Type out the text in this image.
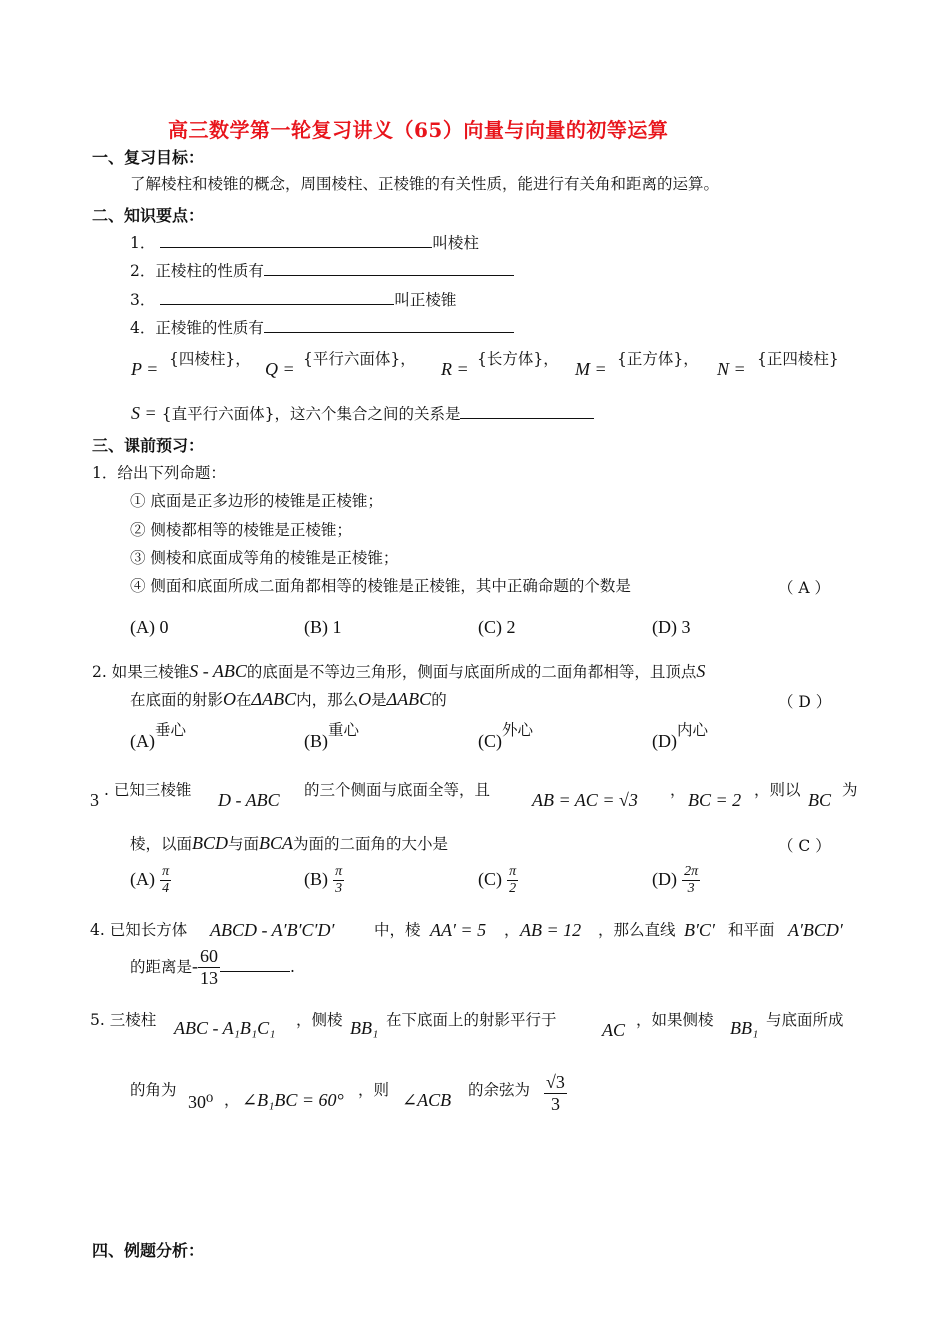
高三数学第一轮复习讲义（65）向量与向量的初等运算
一、复习目标：
了解棱柱和棱锥的概念，周围棱柱、正棱锥的有关性质，能进行有关角和距离的运算。
二、知识要点：
1．	叫棱柱
2．正棱柱的性质有
3．	叫正棱锥
4．正棱锥的性质有
P = {四棱柱}， Q = {平行六面体}， R = {长方体}， M = {正方体}， N = {正四棱柱}
S = {直平行六面体}，这六个集合之间的关系是
三、课前预习：
1．给出下列命题：
① 底面是正多边形的棱锥是正棱锥；
② 侧棱都相等的棱锥是正棱锥；
③ 侧棱和底面成等角的棱锥是正棱锥；
④ 侧面和底面所成二面角都相等的棱锥是正棱锥，其中正确命题的个数是	（ A ）
(A) 0	(B) 1	(C) 2	(D) 3
2. 如果三棱锥S - ABC的底面是不等边三角形，侧面与底面所成的二面角都相等，且顶点S
在底面的射影O在ΔABC内，那么O是ΔABC的	（ D ）
(A)垂心
(B)重心
(C)外心
(D)内心
3 . 已知三棱锥 D - ABC 的三个侧面与底面全等，且 AB = AC = √3 ， BC = 2 ，则以 BC 为
棱，以面BCD与面BCA为面的二面角的大小是	（ C ）
$(A) \frac{\pi}{4}$	$(B) \frac{\pi}{3}$	$(C) \frac{\pi}{2}$	$(D) \frac{2\pi}{3}$
4. 已知长方体 ABCD - A′B′C′D′	中，棱 AA′ = 5 ， AB = 12 ，那么直线 B′C′ 和平面 A′BCD′
的距离是- $\frac{60}{13}$	.
5. 三棱柱 ABC - A₁B₁C₁ ，侧棱 BB₁ 在下底面上的射影平行于	AC ，如果侧棱 BB₁ 与底面所成
的角为
30⁰ ， ∠B₁BC = 60° ，则 ∠ACB 的余弦为 $\frac{√3}{3}$
四、例题分析：
